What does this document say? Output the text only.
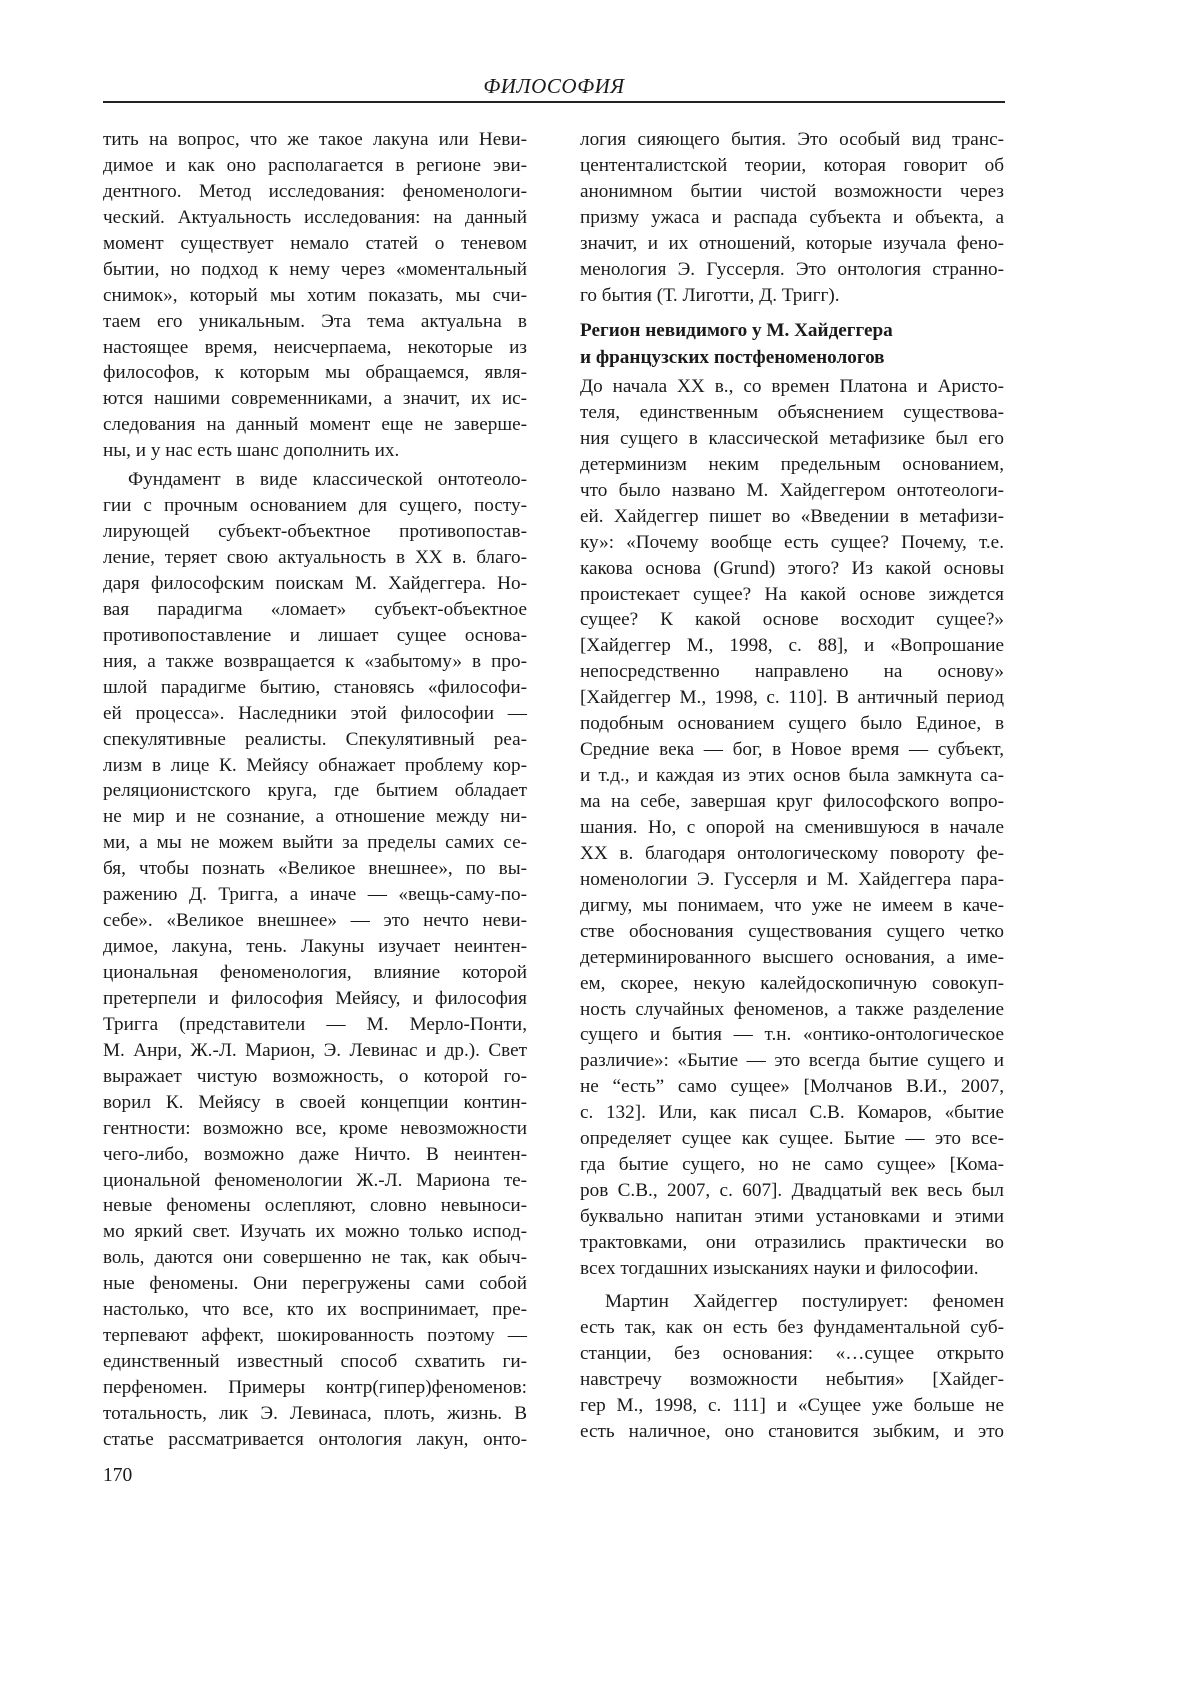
ФИЛОСОФИЯ
тить на вопрос, что же такое лакуна или Неви-
димое и как оно располагается в регионе эви-
дентного. Метод исследования: феноменологи-
ческий. Актуальность исследования: на данный
момент существует немало статей о теневом
бытии, но подход к нему через «моментальный
снимок», который мы хотим показать, мы счи-
таем его уникальным. Эта тема актуальна в
настоящее время, неисчерпаема, некоторые из
философов, к которым мы обращаемся, явля-
ются нашими современниками, а значит, их ис-
следования на данный момент еще не заверше-
ны, и у нас есть шанс дополнить их.
Фундамент в виде классической онтотеоло-
гии с прочным основанием для сущего, посту-
лирующей субъект-объектное противопостав-
ление, теряет свою актуальность в XX в. благо-
даря философским поискам М. Хайдеггера. Но-
вая парадигма «ломает» субъект-объектное
противопоставление и лишает сущее основа-
ния, а также возвращается к «забытому» в про-
шлой парадигме бытию, становясь «философи-
ей процесса». Наследники этой философии —
спекулятивные реалисты. Спекулятивный реа-
лизм в лице К. Мейясу обнажает проблему кор-
реляционистского круга, где бытием обладает
не мир и не сознание, а отношение между ни-
ми, а мы не можем выйти за пределы самих се-
бя, чтобы познать «Великое внешнее», по вы-
ражению Д. Тригга, а иначе — «вещь-саму-по-
себе». «Великое внешнее» — это нечто неви-
димое, лакуна, тень. Лакуны изучает неинтен-
циональная феноменология, влияние которой
претерпели и философия Мейясу, и философия
Тригга (представители — М. Мерло-Понти,
М. Анри, Ж.-Л. Марион, Э. Левинас и др.). Свет
выражает чистую возможность, о которой го-
ворил К. Мейясу в своей концепции контин-
гентности: возможно все, кроме невозможности
чего-либо, возможно даже Ничто. В неинтен-
циональной феноменологии Ж.-Л. Мариона те-
невые феномены ослепляют, словно невыноси-
мо яркий свет. Изучать их можно только испод-
воль, даются они совершенно не так, как обыч-
ные феномены. Они перегружены сами собой
настолько, что все, кто их воспринимает, пре-
терпевают аффект, шокированность поэтому —
единственный известный способ схватить ги-
перфеномен. Примеры контр(гипер)феноменов:
тотальность, лик Э. Левинаса, плоть, жизнь. В
статье рассматривается онтология лакун, онто-
логия сияющего бытия. Это особый вид транс-
центенталистской теории, которая говорит об
анонимном бытии чистой возможности через
призму ужаса и распада субъекта и объекта, а
значит, и их отношений, которые изучала фено-
менология Э. Гуссерля. Это онтология странно-
го бытия (Т. Лиготти, Д. Тригг).
Регион невидимого у М. Хайдеггера
и французских постфеноменологов
До начала XX в., со времен Платона и Аристо-
теля, единственным объяснением существова-
ния сущего в классической метафизике был его
детерминизм неким предельным основанием,
что было названо М. Хайдеггером онтотеологи-
ей. Хайдеггер пишет во «Введении в метафизи-
ку»: «Почему вообще есть сущее? Почему, т.е.
какова основа (Grund) этого? Из какой основы
проистекает сущее? На какой основе зиждется
сущее? К какой основе восходит сущее?»
[Хайдеггер М., 1998, с. 88], и «Вопрошание
непосредственно направлено на основу»
[Хайдеггер М., 1998, с. 110]. В античный период
подобным основанием сущего было Единое, в
Средние века — бог, в Новое время — субъект,
и т.д., и каждая из этих основ была замкнута са-
ма на себе, завершая круг философского вопро-
шания. Но, с опорой на сменившуюся в начале
XX в. благодаря онтологическому повороту фе-
номенологии Э. Гуссерля и М. Хайдеггера пара-
дигму, мы понимаем, что уже не имеем в каче-
стве обоснования существования сущего четко
детерминированного высшего основания, а име-
ем, скорее, некую калейдоскопичную совокуп-
ность случайных феноменов, а также разделение
сущего и бытия — т.н. «онтико-онтологическое
различие»: «Бытие — это всегда бытие сущего и
не “есть” само сущее» [Молчанов В.И., 2007,
с. 132]. Или, как писал С.В. Комаров, «бытие
определяет сущее как сущее. Бытие — это все-
гда бытие сущего, но не само сущее» [Кома-
ров С.В., 2007, с. 607]. Двадцатый век весь был
буквально напитан этими установками и этими
трактовками, они отразились практически во
всех тогдашних изысканиях науки и философии.
Мартин Хайдеггер постулирует: феномен
есть так, как он есть без фундаментальной суб-
станции, без основания: «…сущее открыто
навстречу возможности небытия» [Хайдег-
гер М., 1998, с. 111] и «Сущее уже больше не
есть наличное, оно становится зыбким, и это
170
